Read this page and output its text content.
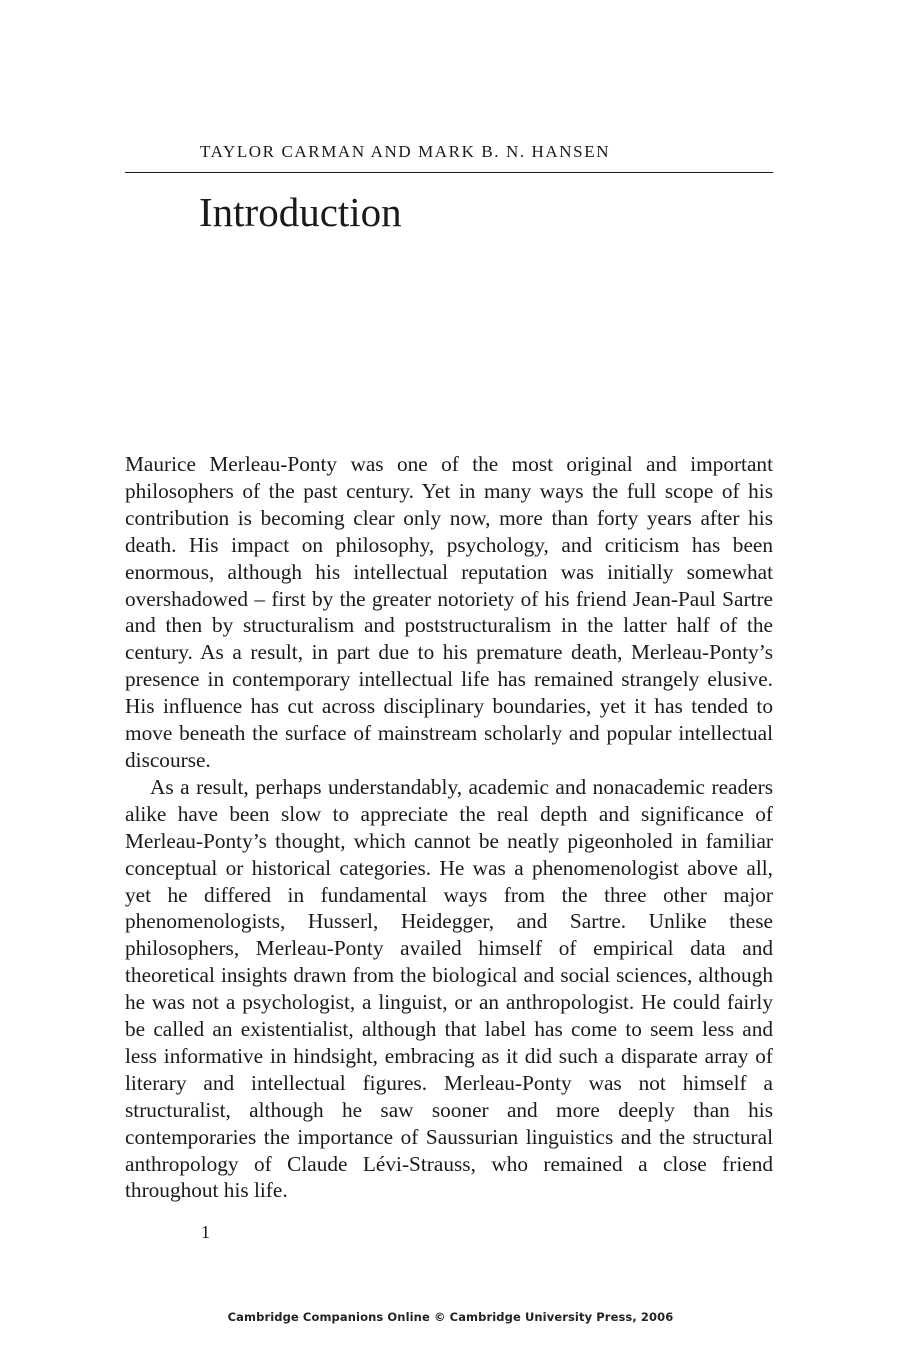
TAYLOR CARMAN AND MARK B. N. HANSEN
Introduction

Maurice Merleau-Ponty was one of the most original and important philosophers of the past century. Yet in many ways the full scope of his contribution is becoming clear only now, more than forty years after his death. His impact on philosophy, psychology, and criticism has been enormous, although his intellectual reputation was initially somewhat overshadowed – first by the greater notoriety of his friend Jean-Paul Sartre and then by structuralism and poststructuralism in the latter half of the century. As a result, in part due to his premature death, Merleau-Ponty’s presence in contemporary intellectual life has remained strangely elusive. His influence has cut across disciplinary boundaries, yet it has tended to move beneath the surface of mainstream scholarly and popular intellectual discourse.

As a result, perhaps understandably, academic and nonacademic readers alike have been slow to appreciate the real depth and significance of Merleau-Ponty’s thought, which cannot be neatly pigeonholed in familiar conceptual or historical categories. He was a phenomenologist above all, yet he differed in fundamental ways from the three other major phenomenologists, Husserl, Heidegger, and Sartre. Unlike these philosophers, Merleau-Ponty availed himself of empirical data and theoretical insights drawn from the biological and social sciences, although he was not a psychologist, a linguist, or an anthropologist. He could fairly be called an existentialist, although that label has come to seem less and less informative in hindsight, embracing as it did such a disparate array of literary and intellectual figures. Merleau-Ponty was not himself a structuralist, although he saw sooner and more deeply than his contemporaries the importance of Saussurian linguistics and the structural anthropology of Claude Lévi-Strauss, who remained a close friend throughout his life.

1
Cambridge Companions Online © Cambridge University Press, 2006
